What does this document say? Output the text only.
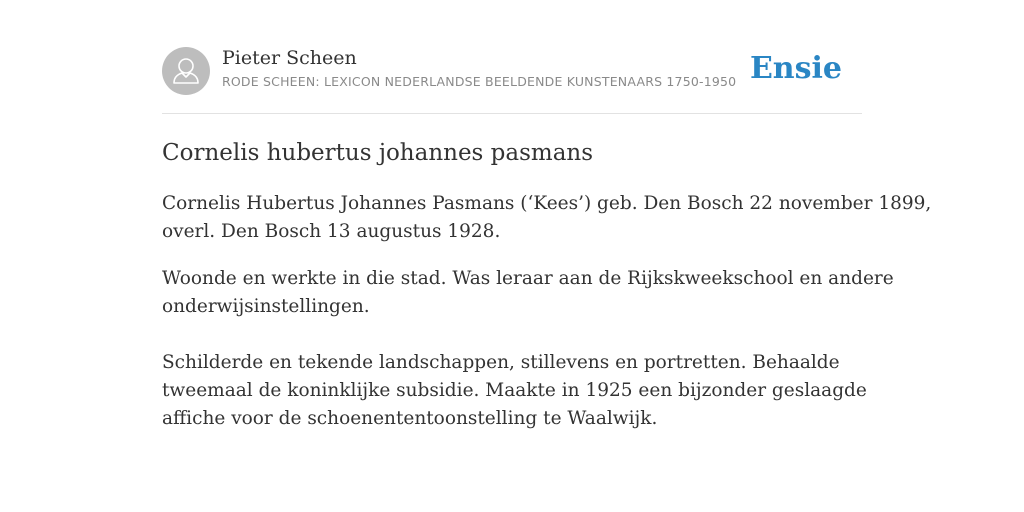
Pieter Scheen
RODE SCHEEN: LEXICON NEDERLANDSE BEELDENDE KUNSTENAARS 1750-1950 Ensie
Cornelis hubertus johannes pasmans

Cornelis Hubertus Johannes Pasmans (‘Kees’) geb. Den Bosch 22 november 1899,
overl. Den Bosch 13 augustus 1928.

Woonde en werkte in die stad. Was leraar aan de Rijkskweekschool en andere
onderwijsinstellingen.

Schilderde en tekende landschappen, stillevens en portretten. Behaalde
tweemaal de koninklijke subsidie. Maakte in 1925 een bijzonder geslaagde
affiche voor de schoenententoonstelling te Waalwijk.
